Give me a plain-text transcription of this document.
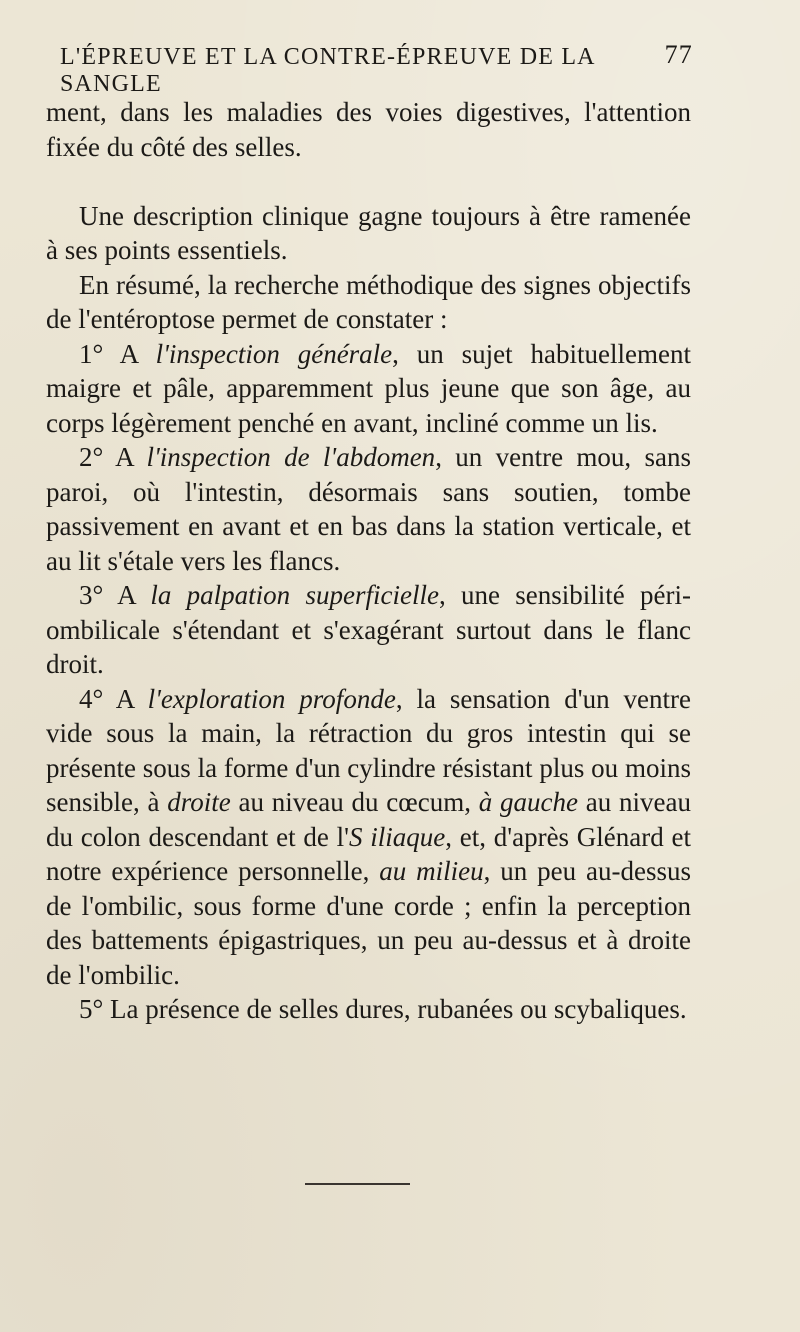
L'ÉPREUVE ET LA CONTRE-ÉPREUVE DE LA SANGLE
77

ment, dans les maladies des voies digestives, l'attention fixée du côté des selles.

Une description clinique gagne toujours à être ramenée à ses points essentiels.

En résumé, la recherche méthodique des signes objectifs de l'entéroptose permet de constater :

1° A l'inspection générale, un sujet habituellement maigre et pâle, apparemment plus jeune que son âge, au corps légèrement penché en avant, incliné comme un lis.

2° A l'inspection de l'abdomen, un ventre mou, sans paroi, où l'intestin, désormais sans soutien, tombe passivement en avant et en bas dans la station verticale, et au lit s'étale vers les flancs.

3° A la palpation superficielle, une sensibilité péri-ombilicale s'étendant et s'exagérant surtout dans le flanc droit.

4° A l'exploration profonde, la sensation d'un ventre vide sous la main, la rétraction du gros intestin qui se présente sous la forme d'un cylindre résistant plus ou moins sensible, à droite au niveau du cœcum, à gauche au niveau du colon descendant et de l'S iliaque, et, d'après Glénard et notre expérience personnelle, au milieu, un peu au-dessus de l'ombilic, sous forme d'une corde ; enfin la perception des battements épigastriques, un peu au-dessus et à droite de l'ombilic.

5° La présence de selles dures, rubanées ou scybaliques.
